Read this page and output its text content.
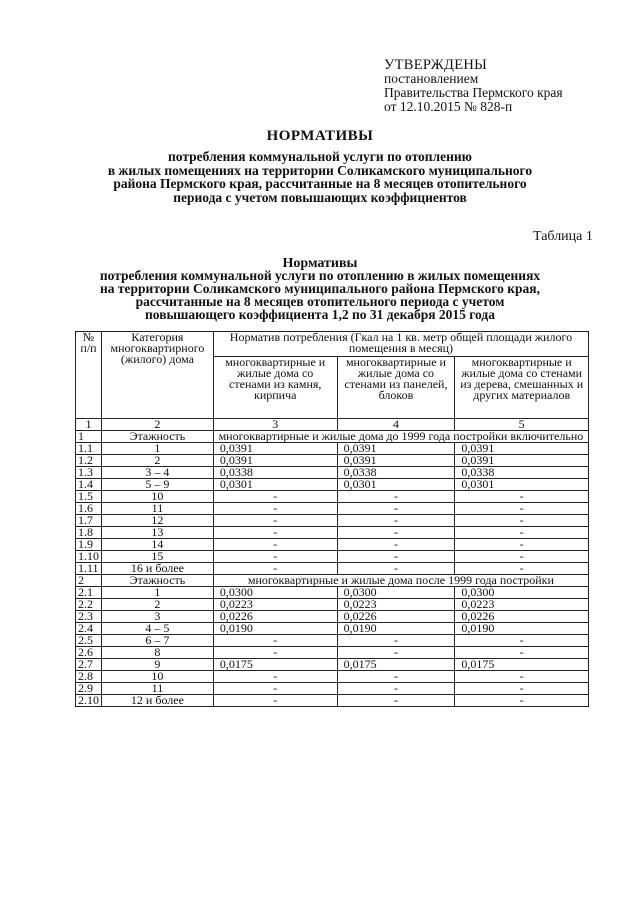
УТВЕРЖДЕНЫ
постановлением
Правительства Пермского края
от 12.10.2015 № 828-п
НОРМАТИВЫ
потребления коммунальной услуги по отоплению
в жилых помещениях на территории Соликамского муниципального
района Пермского края, рассчитанные на 8 месяцев отопительного
периода с учетом повышающих коэффициентов
Таблица 1
Нормативы
потребления коммунальной услуги по отоплению в жилых помещениях
на территории Соликамского муниципального района Пермского края,
рассчитанные на 8 месяцев отопительного периода с учетом
повышающего коэффициента 1,2 по 31 декабря 2015 года
№ п/п	Категория многоквартирного (жилого) дома	Норматив потребления (Гкал на 1 кв. метр общей площади жилого помещения в месяц)		
		многоквартирные и жилые дома со стенами из камня, кирпича	многоквартирные и жилые дома со стенами из панелей, блоков	многоквартирные и жилые дома со стенами из дерева, смешанных и других материалов
1	2	3	4	5
1	Этажность	многоквартирные и жилые дома до 1999 года постройки включительно		
1.1	1	0,0391	0,0391	0,0391
1.2	2	0,0391	0,0391	0,0391
1.3	3 – 4	0,0338	0,0338	0,0338
1.4	5 – 9	0,0301	0,0301	0,0301
1.5	10	-	-	-
1.6	11	-	-	-
1.7	12	-	-	-
1.8	13	-	-	-
1.9	14	-	-	-
1.10	15	-	-	-
1.11	16 и более	-	-	-
2	Этажность	многоквартирные и жилые дома после 1999 года постройки		
2.1	1	0,0300	0,0300	0,0300
2.2	2	0,0223	0,0223	0,0223
2.3	3	0,0226	0,0226	0,0226
2.4	4 – 5	0,0190	0,0190	0,0190
2.5	6 – 7	-	-	-
2.6	8	-	-	-
2.7	9	0,0175	0,0175	0,0175
2.8	10	-	-	-
2.9	11	-	-	-
2.10	12 и более	-	-	-
